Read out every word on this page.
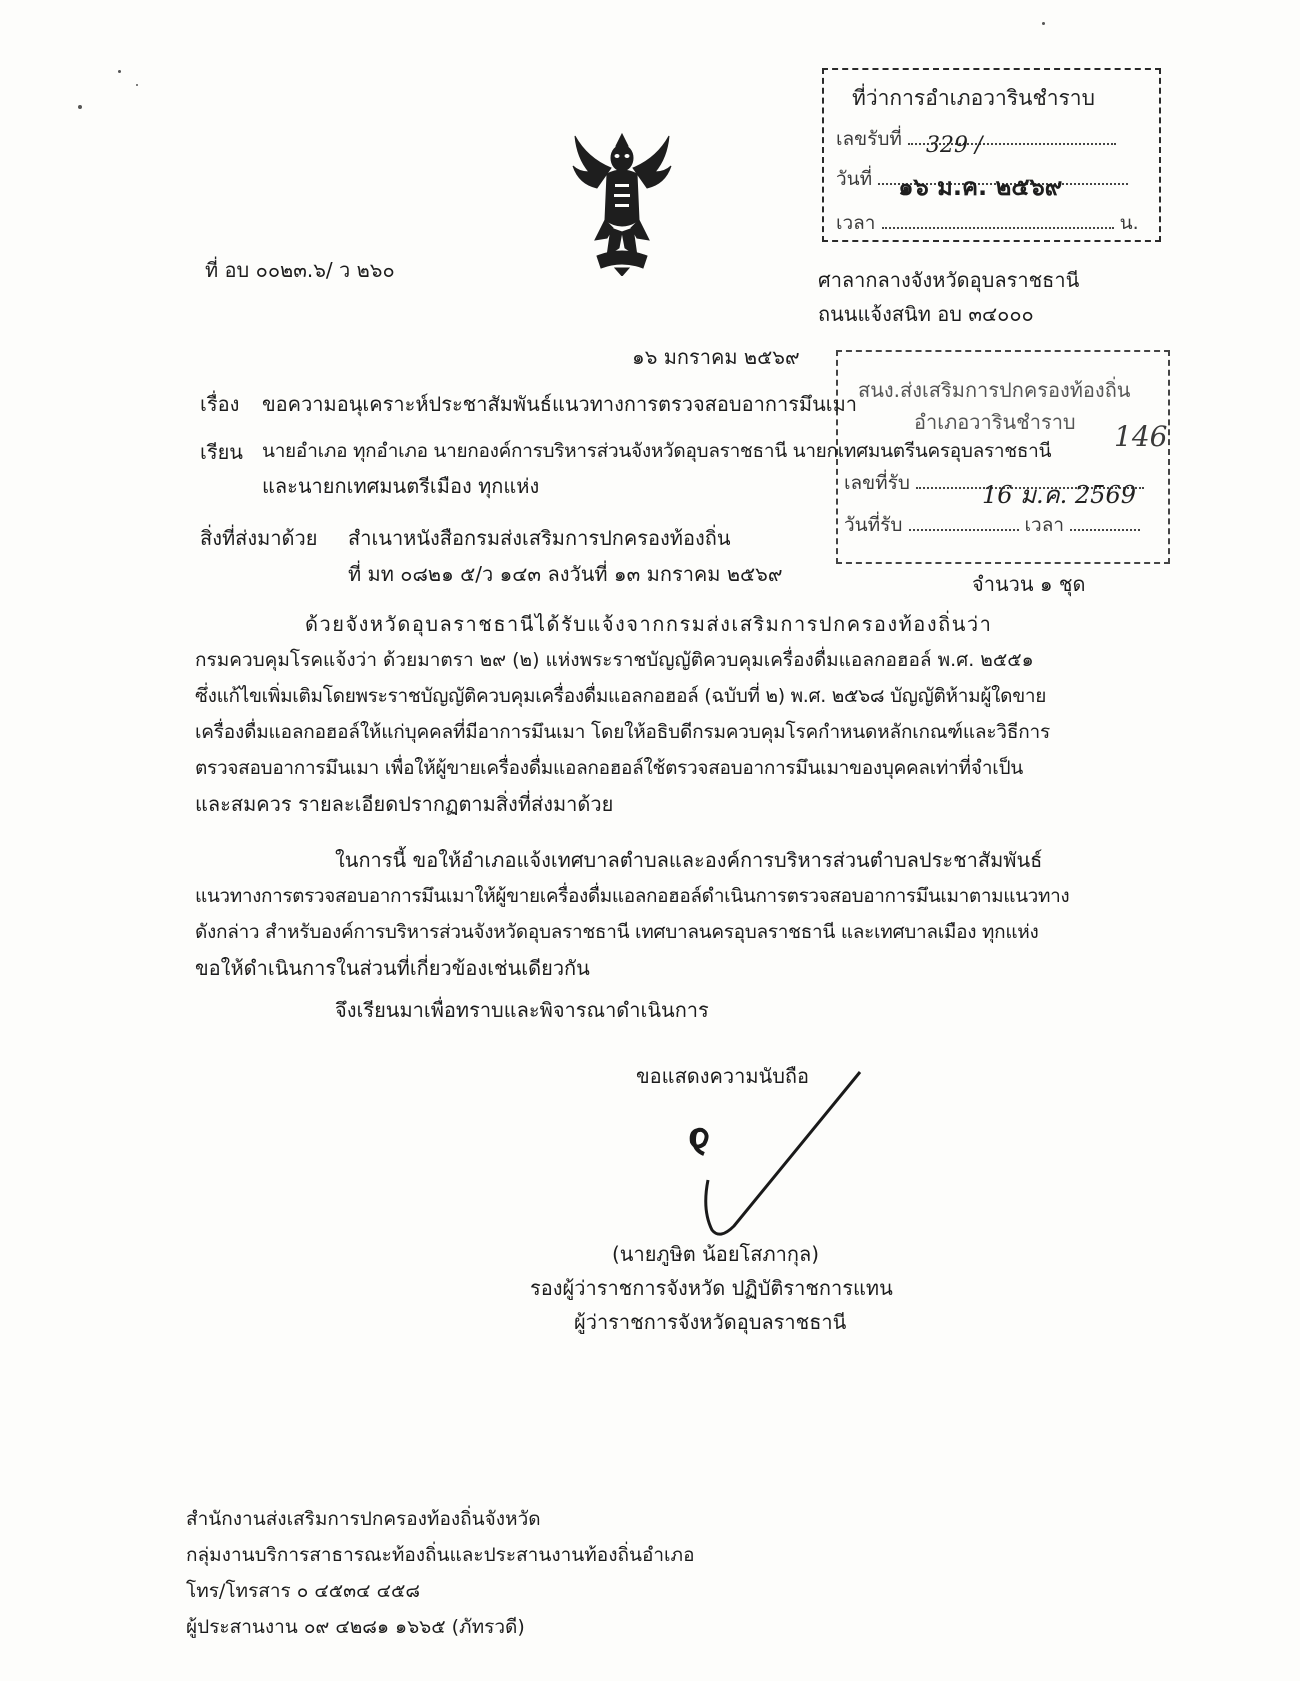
ที่ อบ ๐๐๒๓.๖/ ว ๒๖๐
ที่ว่าการอำเภอวารินชำราบ
เลขรับที่ 329 /
วันที่ ๑๖ ม.ค. ๒๕๖๙
เวลา	น.
ศาลากลางจังหวัดอุบลราชธานี
ถนนแจ้งสนิท อบ ๓๔๐๐๐
๑๖ มกราคม ๒๕๖๙
สนง.ส่งเสริมการปกครองท้องถิ่น
อำเภอวารินชำราบ 146
เลขที่รับ	16 ม.ค. 2569
วันที่รับ	เวลา
เรื่อง ขอความอนุเคราะห์ประชาสัมพันธ์แนวทางการตรวจสอบอาการมึนเมา
เรียน นายอำเภอ ทุกอำเภอ นายกองค์การบริหารส่วนจังหวัดอุบลราชธานี นายกเทศมนตรีนครอุบลราชธานี
และนายกเทศมนตรีเมือง ทุกแห่ง
สิ่งที่ส่งมาด้วย สำเนาหนังสือกรมส่งเสริมการปกครองท้องถิ่น
ที่ มท ๐๘๒๑ ๕/ว ๑๔๓ ลงวันที่ ๑๓ มกราคม ๒๕๖๙	จำนวน ๑ ชุด
ด้วยจังหวัดอุบลราชธานีได้รับแจ้งจากกรมส่งเสริมการปกครองท้องถิ่นว่า
กรมควบคุมโรคแจ้งว่า ด้วยมาตรา ๒๙ (๒) แห่งพระราชบัญญัติควบคุมเครื่องดื่มแอลกอฮอล์ พ.ศ. ๒๕๕๑
ซึ่งแก้ไขเพิ่มเติมโดยพระราชบัญญัติควบคุมเครื่องดื่มแอลกอฮอล์ (ฉบับที่ ๒) พ.ศ. ๒๕๖๘ บัญญัติห้ามผู้ใดขาย
เครื่องดื่มแอลกอฮอล์ให้แก่บุคคลที่มีอาการมึนเมา โดยให้อธิบดีกรมควบคุมโรคกำหนดหลักเกณฑ์และวิธีการ
ตรวจสอบอาการมึนเมา เพื่อให้ผู้ขายเครื่องดื่มแอลกอฮอล์ใช้ตรวจสอบอาการมึนเมาของบุคคลเท่าที่จำเป็น
และสมควร รายละเอียดปรากฏตามสิ่งที่ส่งมาด้วย
ในการนี้ ขอให้อำเภอแจ้งเทศบาลตำบลและองค์การบริหารส่วนตำบลประชาสัมพันธ์
แนวทางการตรวจสอบอาการมึนเมาให้ผู้ขายเครื่องดื่มแอลกอฮอล์ดำเนินการตรวจสอบอาการมึนเมาตามแนวทาง
ดังกล่าว สำหรับองค์การบริหารส่วนจังหวัดอุบลราชธานี เทศบาลนครอุบลราชธานี และเทศบาลเมือง ทุกแห่ง
ขอให้ดำเนินการในส่วนที่เกี่ยวข้องเช่นเดียวกัน
จึงเรียนมาเพื่อทราบและพิจารณาดำเนินการ
ขอแสดงความนับถือ
(นายภูษิต น้อยโสภากุล)
รองผู้ว่าราชการจังหวัด ปฏิบัติราชการแทน
ผู้ว่าราชการจังหวัดอุบลราชธานี
สำนักงานส่งเสริมการปกครองท้องถิ่นจังหวัด
กลุ่มงานบริการสาธารณะท้องถิ่นและประสานงานท้องถิ่นอำเภอ
โทร/โทรสาร ๐ ๔๕๓๔ ๔๕๘
ผู้ประสานงาน ๐๙ ๔๒๘๑ ๑๖๖๕ (ภัทรวดี)
